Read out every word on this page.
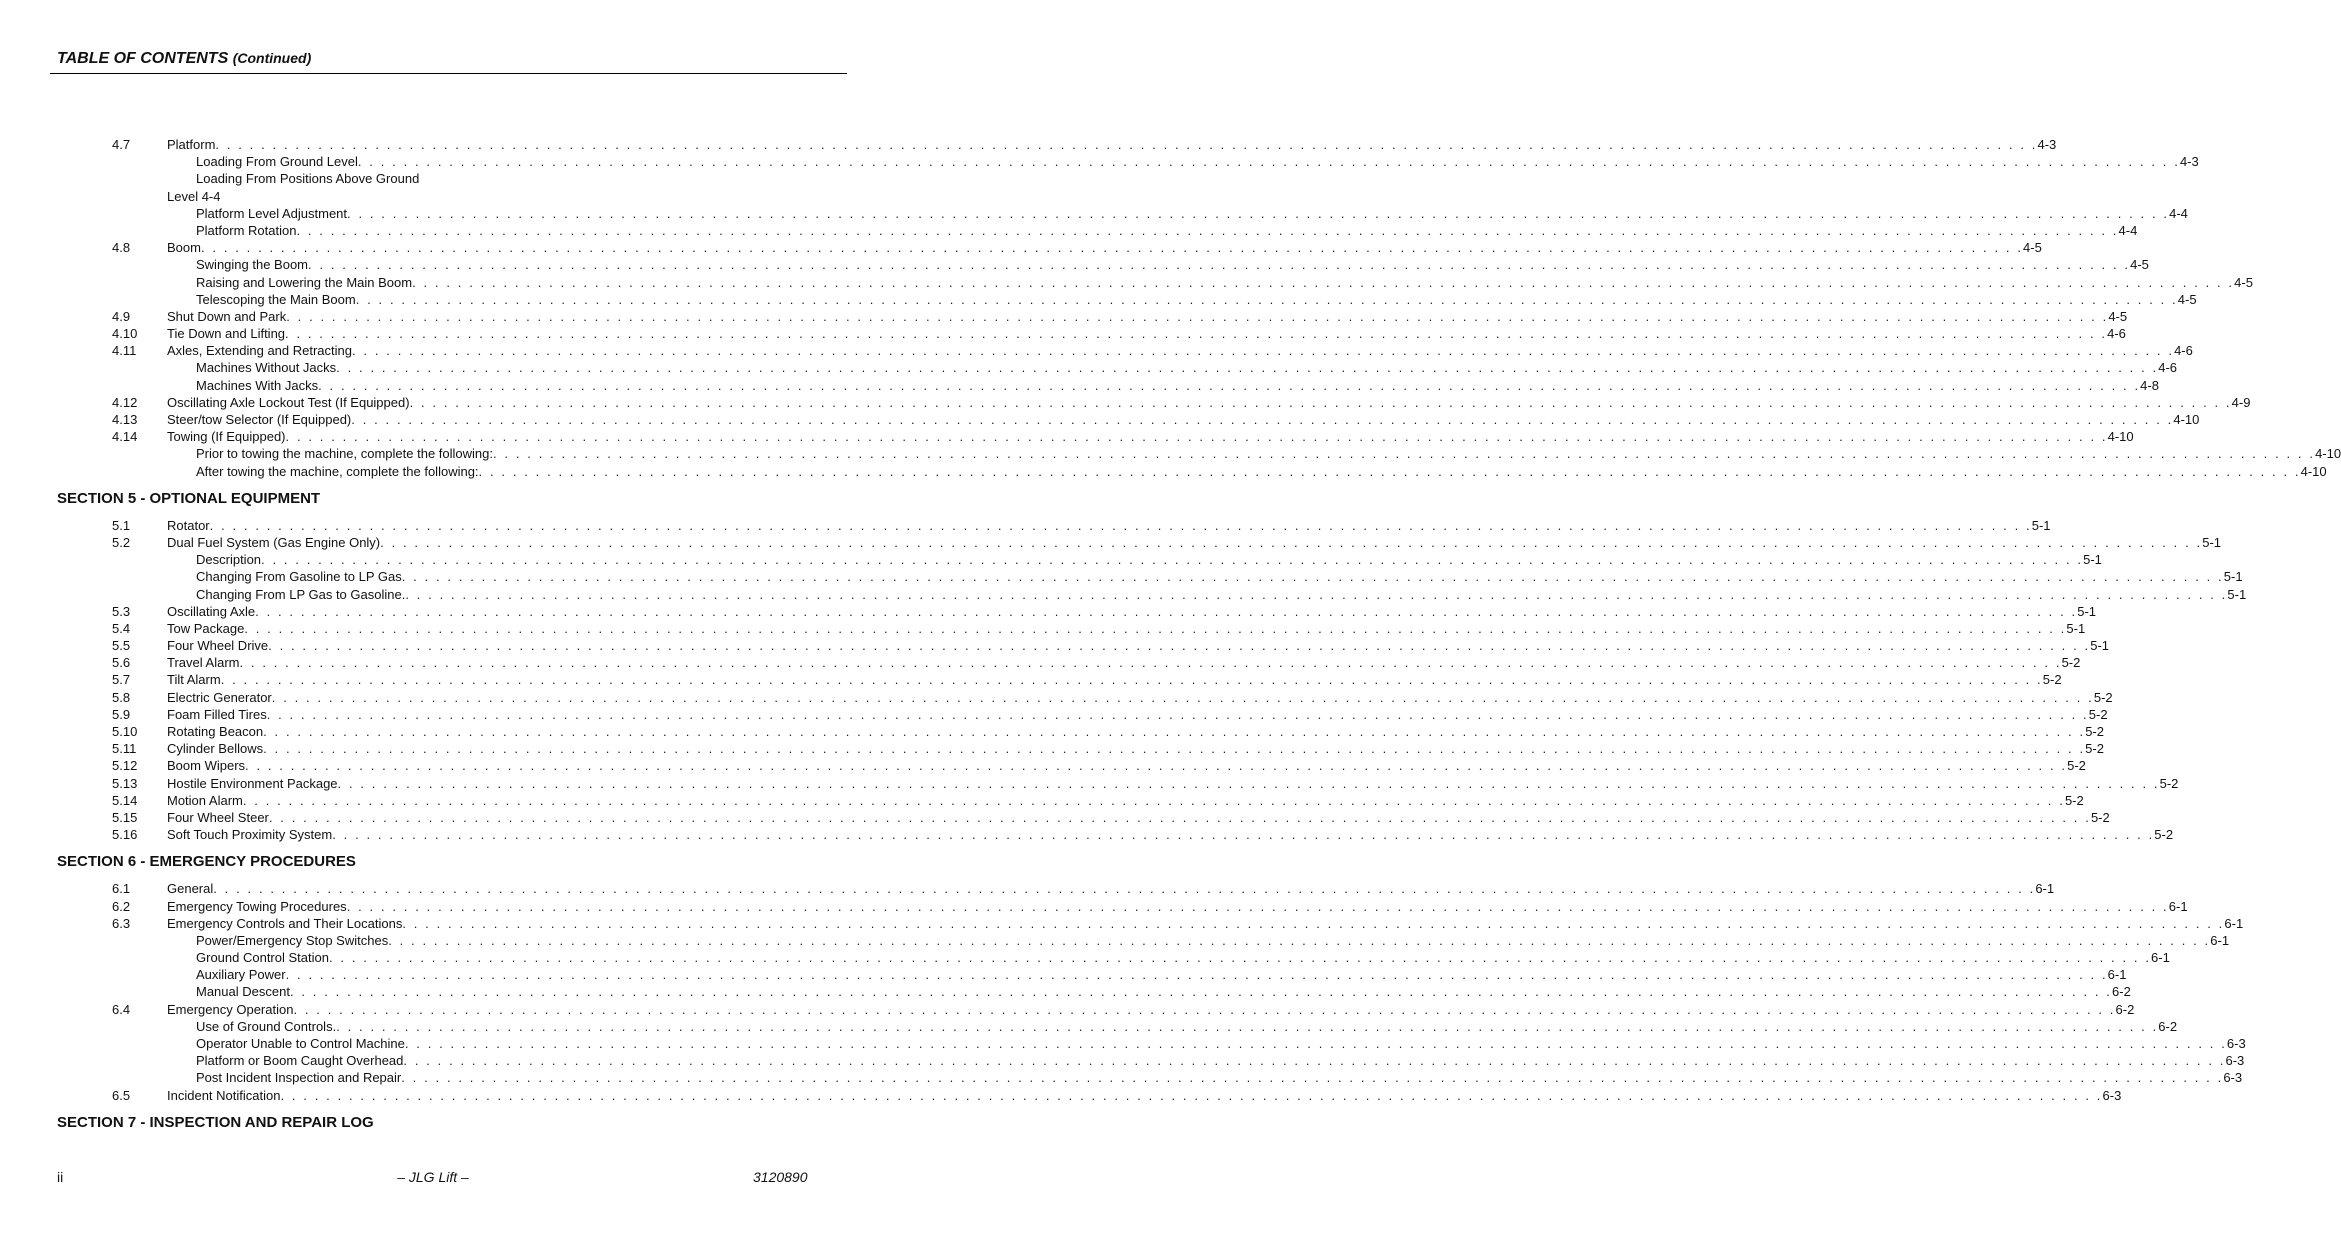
TABLE OF CONTENTS (Continued)
4.7	Platform . . . . . . . . . . . . . . . . . . . . . . . . . . . . . . . . . . . . . . . . . . . . . . . . . . . . . . . . . . . . . . . . . . . . . . . . . . . . . . . . . . . . . . . . . . . . . . . . . . . . . . . . . . . . . . . . . . . . . . . . . . . . . . . . . . . . . . . . . . . . . . . . . . . . . . . . . . . . . . . . 4-3
Loading From Ground Level . . . . . . . . . . . . . . . . . . . . . . . . . . . . . . . . . . . . . . . . . . . . . . . . . . . . . . . . . . . . . . . . . . . . . . . . . . . . . . . . . . . . . . . . . . . . . . . . . . . . . . . . . . . . . . . . . . . . . . . . . . . . . . . . . . . . . . . . . . . . . . . . . . . . . . . . . . . . . . . . 4-3
Loading From Positions Above Ground
Level 4-4
Platform Level Adjustment . . . . . . . . . . . . . . . . . . . . . . . . . . . . . . . . . . . . . . . . . . . . . . . . . . . . . . . . . . . . . . . . . . . . . . . . . . . . . . . . . . . . . . . . . . . . . . . . . . . . . . . . . . . . . . . . . . . . . . . . . . . . . . . . . . . . . . . . . . . . . . . . . . . . . . . . . . . . . . . . 4-4
Platform Rotation . . . . . . . . . . . . . . . . . . . . . . . . . . . . . . . . . . . . . . . . . . . . . . . . . . . . . . . . . . . . . . . . . . . . . . . . . . . . . . . . . . . . . . . . . . . . . . . . . . . . . . . . . . . . . . . . . . . . . . . . . . . . . . . . . . . . . . . . . . . . . . . . . . . . . . . . . . . . . . . . 4-4
4.8	Boom . . . . . . . . . . . . . . . . . . . . . . . . . . . . . . . . . . . . . . . . . . . . . . . . . . . . . . . . . . . . . . . . . . . . . . . . . . . . . . . . . . . . . . . . . . . . . . . . . . . . . . . . . . . . . . . . . . . . . . . . . . . . . . . . . . . . . . . . . . . . . . . . . . . . . . . . . . . . . . . . 4-5
Swinging the Boom . . . . . . . . . . . . . . . . . . . . . . . . . . . . . . . . . . . . . . . . . . . . . . . . . . . . . . . . . . . . . . . . . . . . . . . . . . . . . . . . . . . . . . . . . . . . . . . . . . . . . . . . . . . . . . . . . . . . . . . . . . . . . . . . . . . . . . . . . . . . . . . . . . . . . . . . . . . . . . . . 4-5
Raising and Lowering the Main Boom . . . . . . . . . . . . . . . . . . . . . . . . . . . . . . . . . . . . . . . . . . . . . . . . . . . . . . . . . . . . . . . . . . . . . . . . . . . . . . . . . . . . . . . . . . . . . . . . . . . . . . . . . . . . . . . . . . . . . . . . . . . . . . . . . . . . . . . . . . . . . . . . . . . . . . . . . . . . . . . . 4-5
Telescoping the Main Boom . . . . . . . . . . . . . . . . . . . . . . . . . . . . . . . . . . . . . . . . . . . . . . . . . . . . . . . . . . . . . . . . . . . . . . . . . . . . . . . . . . . . . . . . . . . . . . . . . . . . . . . . . . . . . . . . . . . . . . . . . . . . . . . . . . . . . . . . . . . . . . . . . . . . . . . . . . . . . . . . 4-5
4.9	Shut Down and Park . . . . . . . . . . . . . . . . . . . . . . . . . . . . . . . . . . . . . . . . . . . . . . . . . . . . . . . . . . . . . . . . . . . . . . . . . . . . . . . . . . . . . . . . . . . . . . . . . . . . . . . . . . . . . . . . . . . . . . . . . . . . . . . . . . . . . . . . . . . . . . . . . . . . . . . . . . . . . . . . 4-5
4.10 Tie Down and Lifting . . . . . . . . . . . . . . . . . . . . . . . . . . . . . . . . . . . . . . . . . . . . . . . . . . . . . . . . . . . . . . . . . . . . . . . . . . . . . . . . . . . . . . . . . . . . . . . . . . . . . . . . . . . . . . . . . . . . . . . . . . . . . . . . . . . . . . . . . . . . . . . . . . . . . . . . . . . . . . . . 4-6
4.11 Axles, Extending and Retracting . . . . . . . . . . . . . . . . . . . . . . . . . . . . . . . . . . . . . . . . . . . . . . . . . . . . . . . . . . . . . . . . . . . . . . . . . . . . . . . . . . . . . . . . . . . . . . . . . . . . . . . . . . . . . . . . . . . . . . . . . . . . . . . . . . . . . . . . . . . . . . . . . . . . . . . . . . . . . . . . 4-6
Machines Without Jacks . . . . . . . . . . . . . . . . . . . . . . . . . . . . . . . . . . . . . . . . . . . . . . . . . . . . . . . . . . . . . . . . . . . . . . . . . . . . . . . . . . . . . . . . . . . . . . . . . . . . . . . . . . . . . . . . . . . . . . . . . . . . . . . . . . . . . . . . . . . . . . . . . . . . . . . . . . . . . . . . 4-6
Machines With Jacks . . . . . . . . . . . . . . . . . . . . . . . . . . . . . . . . . . . . . . . . . . . . . . . . . . . . . . . . . . . . . . . . . . . . . . . . . . . . . . . . . . . . . . . . . . . . . . . . . . . . . . . . . . . . . . . . . . . . . . . . . . . . . . . . . . . . . . . . . . . . . . . . . . . . . . . . . . . . . . . . 4-8
4.12 Oscillating Axle Lockout Test (If Equipped) . . . . . . . . . . . . . . . . . . . . . . . . . . . . . . . . . . . . . . . . . . . . . . . . . . . . . . . . . . . . . . . . . . . . . . . . . . . . . . . . . . . . . . . . . . . . . . . . . . . . . . . . . . . . . . . . . . . . . . . . . . . . . . . . . . . . . . . . . . . . . . . . . . . . . . . . . . . . . . . . 4-9
4.13 Steer/tow Selector (If Equipped) . . . . . . . . . . . . . . . . . . . . . . . . . . . . . . . . . . . . . . . . . . . . . . . . . . . . . . . . . . . . . . . . . . . . . . . . . . . . . . . . . . . . . . . . . . . . . . . . . . . . . . . . . . . . . . . . . . . . . . . . . . . . . . . . . . . . . . . . . . . . . . . . . . . . . . . . . . . . . . . . 4-10
4.14 Towing (If Equipped) . . . . . . . . . . . . . . . . . . . . . . . . . . . . . . . . . . . . . . . . . . . . . . . . . . . . . . . . . . . . . . . . . . . . . . . . . . . . . . . . . . . . . . . . . . . . . . . . . . . . . . . . . . . . . . . . . . . . . . . . . . . . . . . . . . . . . . . . . . . . . . . . . . . . . . . . . . . . . . . . 4-10
Prior to towing the machine, complete the following: . . . . . . . . . . . . . . . . . . . . . . . . . . . . . . . . . . . . . . . . . . . . . . . . . . . . . . . . . . . . . . . . . . . . . . . . . . . . . . . . . . . . . . . . . . . . . . . . . . . . . . . . . . . . . . . . . . . . . . . . . . . . . . . . . . . . . . . . . . . . . . . . . . . . . . . . . . . . . . . . 4-10
After towing the machine, complete the following: . . . . . . . . . . . . . . . . . . . . . . . . . . . . . . . . . . . . . . . . . . . . . . . . . . . . . . . . . . . . . . . . . . . . . . . . . . . . . . . . . . . . . . . . . . . . . . . . . . . . . . . . . . . . . . . . . . . . . . . . . . . . . . . . . . . . . . . . . . . . . . . . . . . . . . . . . . . . . . . . 4-10
SECTION 5 - OPTIONAL EQUIPMENT
5.1	Rotator . . . . . . . . . . . . . . . . . . . . . . . . . . . . . . . . . . . . . . . . . . . . . . . . . . . . . . . . . . . . . . . . . . . . . . . . . . . . . . . . . . . . . . . . . . . . . . . . . . . . . . . . . . . . . . . . . . . . . . . . . . . . . . . . . . . . . . . . . . . . . . . . . . . . . . . . . . . . . . . . 5-1
5.2	Dual Fuel System (Gas Engine Only) . . . . . . . . . . . . . . . . . . . . . . . . . . . . . . . . . . . . . . . . . . . . . . . . . . . . . . . . . . . . . . . . . . . . . . . . . . . . . . . . . . . . . . . . . . . . . . . . . . . . . . . . . . . . . . . . . . . . . . . . . . . . . . . . . . . . . . . . . . . . . . . . . . . . . . . . . . . . . . . . 5-1
Description . . . . . . . . . . . . . . . . . . . . . . . . . . . . . . . . . . . . . . . . . . . . . . . . . . . . . . . . . . . . . . . . . . . . . . . . . . . . . . . . . . . . . . . . . . . . . . . . . . . . . . . . . . . . . . . . . . . . . . . . . . . . . . . . . . . . . . . . . . . . . . . . . . . . . . . . . . . . . . . . 5-1
Changing From Gasoline to LP Gas . . . . . . . . . . . . . . . . . . . . . . . . . . . . . . . . . . . . . . . . . . . . . . . . . . . . . . . . . . . . . . . . . . . . . . . . . . . . . . . . . . . . . . . . . . . . . . . . . . . . . . . . . . . . . . . . . . . . . . . . . . . . . . . . . . . . . . . . . . . . . . . . . . . . . . . . . . . . . . . . 5-1
Changing From LP Gas to Gasoline. . . . . . . . . . . . . . . . . . . . . . . . . . . . . . . . . . . . . . . . . . . . . . . . . . . . . . . . . . . . . . . . . . . . . . . . . . . . . . . . . . . . . . . . . . . . . . . . . . . . . . . . . . . . . . . . . . . . . . . . . . . . . . . . . . . . . . . . . . . . . . . . . . . . . . . . . . . . . . . . . 5-1
5.3	Oscillating Axle . . . . . . . . . . . . . . . . . . . . . . . . . . . . . . . . . . . . . . . . . . . . . . . . . . . . . . . . . . . . . . . . . . . . . . . . . . . . . . . . . . . . . . . . . . . . . . . . . . . . . . . . . . . . . . . . . . . . . . . . . . . . . . . . . . . . . . . . . . . . . . . . . . . . . . . . . . . . . . . . 5-1
5.4	Tow Package . . . . . . . . . . . . . . . . . . . . . . . . . . . . . . . . . . . . . . . . . . . . . . . . . . . . . . . . . . . . . . . . . . . . . . . . . . . . . . . . . . . . . . . . . . . . . . . . . . . . . . . . . . . . . . . . . . . . . . . . . . . . . . . . . . . . . . . . . . . . . . . . . . . . . . . . . . . . . . . . 5-1
5.5	Four Wheel Drive . . . . . . . . . . . . . . . . . . . . . . . . . . . . . . . . . . . . . . . . . . . . . . . . . . . . . . . . . . . . . . . . . . . . . . . . . . . . . . . . . . . . . . . . . . . . . . . . . . . . . . . . . . . . . . . . . . . . . . . . . . . . . . . . . . . . . . . . . . . . . . . . . . . . . . . . . . . . . . . . 5-1
5.6	Travel Alarm . . . . . . . . . . . . . . . . . . . . . . . . . . . . . . . . . . . . . . . . . . . . . . . . . . . . . . . . . . . . . . . . . . . . . . . . . . . . . . . . . . . . . . . . . . . . . . . . . . . . . . . . . . . . . . . . . . . . . . . . . . . . . . . . . . . . . . . . . . . . . . . . . . . . . . . . . . . . . . . . 5-2
5.7	Tilt Alarm . . . . . . . . . . . . . . . . . . . . . . . . . . . . . . . . . . . . . . . . . . . . . . . . . . . . . . . . . . . . . . . . . . . . . . . . . . . . . . . . . . . . . . . . . . . . . . . . . . . . . . . . . . . . . . . . . . . . . . . . . . . . . . . . . . . . . . . . . . . . . . . . . . . . . . . . . . . . . . . . 5-2
5.8	Electric Generator . . . . . . . . . . . . . . . . . . . . . . . . . . . . . . . . . . . . . . . . . . . . . . . . . . . . . . . . . . . . . . . . . . . . . . . . . . . . . . . . . . . . . . . . . . . . . . . . . . . . . . . . . . . . . . . . . . . . . . . . . . . . . . . . . . . . . . . . . . . . . . . . . . . . . . . . . . . . . . . . 5-2
5.9	Foam Filled Tires . . . . . . . . . . . . . . . . . . . . . . . . . . . . . . . . . . . . . . . . . . . . . . . . . . . . . . . . . . . . . . . . . . . . . . . . . . . . . . . . . . . . . . . . . . . . . . . . . . . . . . . . . . . . . . . . . . . . . . . . . . . . . . . . . . . . . . . . . . . . . . . . . . . . . . . . . . . . . . . . 5-2
5.10 Rotating Beacon . . . . . . . . . . . . . . . . . . . . . . . . . . . . . . . . . . . . . . . . . . . . . . . . . . . . . . . . . . . . . . . . . . . . . . . . . . . . . . . . . . . . . . . . . . . . . . . . . . . . . . . . . . . . . . . . . . . . . . . . . . . . . . . . . . . . . . . . . . . . . . . . . . . . . . . . . . . . . . . . 5-2
5.11 Cylinder Bellows . . . . . . . . . . . . . . . . . . . . . . . . . . . . . . . . . . . . . . . . . . . . . . . . . . . . . . . . . . . . . . . . . . . . . . . . . . . . . . . . . . . . . . . . . . . . . . . . . . . . . . . . . . . . . . . . . . . . . . . . . . . . . . . . . . . . . . . . . . . . . . . . . . . . . . . . . . . . . . . . 5-2
5.12 Boom Wipers . . . . . . . . . . . . . . . . . . . . . . . . . . . . . . . . . . . . . . . . . . . . . . . . . . . . . . . . . . . . . . . . . . . . . . . . . . . . . . . . . . . . . . . . . . . . . . . . . . . . . . . . . . . . . . . . . . . . . . . . . . . . . . . . . . . . . . . . . . . . . . . . . . . . . . . . . . . . . . . . 5-2
5.13 Hostile Environment Package . . . . . . . . . . . . . . . . . . . . . . . . . . . . . . . . . . . . . . . . . . . . . . . . . . . . . . . . . . . . . . . . . . . . . . . . . . . . . . . . . . . . . . . . . . . . . . . . . . . . . . . . . . . . . . . . . . . . . . . . . . . . . . . . . . . . . . . . . . . . . . . . . . . . . . . . . . . . . . . . 5-2
5.14 Motion Alarm . . . . . . . . . . . . . . . . . . . . . . . . . . . . . . . . . . . . . . . . . . . . . . . . . . . . . . . . . . . . . . . . . . . . . . . . . . . . . . . . . . . . . . . . . . . . . . . . . . . . . . . . . . . . . . . . . . . . . . . . . . . . . . . . . . . . . . . . . . . . . . . . . . . . . . . . . . . . . . . . 5-2
5.15 Four Wheel Steer . . . . . . . . . . . . . . . . . . . . . . . . . . . . . . . . . . . . . . . . . . . . . . . . . . . . . . . . . . . . . . . . . . . . . . . . . . . . . . . . . . . . . . . . . . . . . . . . . . . . . . . . . . . . . . . . . . . . . . . . . . . . . . . . . . . . . . . . . . . . . . . . . . . . . . . . . . . . . . . . 5-2
5.16 Soft Touch Proximity System . . . . . . . . . . . . . . . . . . . . . . . . . . . . . . . . . . . . . . . . . . . . . . . . . . . . . . . . . . . . . . . . . . . . . . . . . . . . . . . . . . . . . . . . . . . . . . . . . . . . . . . . . . . . . . . . . . . . . . . . . . . . . . . . . . . . . . . . . . . . . . . . . . . . . . . . . . . . . . . . 5-2
SECTION 6 - EMERGENCY PROCEDURES
6.1	General . . . . . . . . . . . . . . . . . . . . . . . . . . . . . . . . . . . . . . . . . . . . . . . . . . . . . . . . . . . . . . . . . . . . . . . . . . . . . . . . . . . . . . . . . . . . . . . . . . . . . . . . . . . . . . . . . . . . . . . . . . . . . . . . . . . . . . . . . . . . . . . . . . . . . . . . . . . . . . . . 6-1
6.2	Emergency Towing Procedures . . . . . . . . . . . . . . . . . . . . . . . . . . . . . . . . . . . . . . . . . . . . . . . . . . . . . . . . . . . . . . . . . . . . . . . . . . . . . . . . . . . . . . . . . . . . . . . . . . . . . . . . . . . . . . . . . . . . . . . . . . . . . . . . . . . . . . . . . . . . . . . . . . . . . . . . . . . . . . . . 6-1
6.3	Emergency Controls and Their Locations . . . . . . . . . . . . . . . . . . . . . . . . . . . . . . . . . . . . . . . . . . . . . . . . . . . . . . . . . . . . . . . . . . . . . . . . . . . . . . . . . . . . . . . . . . . . . . . . . . . . . . . . . . . . . . . . . . . . . . . . . . . . . . . . . . . . . . . . . . . . . . . . . . . . . . . . . . . . . . . . 6-1
Power/Emergency Stop Switches . . . . . . . . . . . . . . . . . . . . . . . . . . . . . . . . . . . . . . . . . . . . . . . . . . . . . . . . . . . . . . . . . . . . . . . . . . . . . . . . . . . . . . . . . . . . . . . . . . . . . . . . . . . . . . . . . . . . . . . . . . . . . . . . . . . . . . . . . . . . . . . . . . . . . . . . . . . . . . . . 6-1
Ground Control Station . . . . . . . . . . . . . . . . . . . . . . . . . . . . . . . . . . . . . . . . . . . . . . . . . . . . . . . . . . . . . . . . . . . . . . . . . . . . . . . . . . . . . . . . . . . . . . . . . . . . . . . . . . . . . . . . . . . . . . . . . . . . . . . . . . . . . . . . . . . . . . . . . . . . . . . . . . . . . . . . 6-1
Auxiliary Power . . . . . . . . . . . . . . . . . . . . . . . . . . . . . . . . . . . . . . . . . . . . . . . . . . . . . . . . . . . . . . . . . . . . . . . . . . . . . . . . . . . . . . . . . . . . . . . . . . . . . . . . . . . . . . . . . . . . . . . . . . . . . . . . . . . . . . . . . . . . . . . . . . . . . . . . . . . . . . . . 6-1
Manual Descent . . . . . . . . . . . . . . . . . . . . . . . . . . . . . . . . . . . . . . . . . . . . . . . . . . . . . . . . . . . . . . . . . . . . . . . . . . . . . . . . . . . . . . . . . . . . . . . . . . . . . . . . . . . . . . . . . . . . . . . . . . . . . . . . . . . . . . . . . . . . . . . . . . . . . . . . . . . . . . . . 6-2
6.4	Emergency Operation . . . . . . . . . . . . . . . . . . . . . . . . . . . . . . . . . . . . . . . . . . . . . . . . . . . . . . . . . . . . . . . . . . . . . . . . . . . . . . . . . . . . . . . . . . . . . . . . . . . . . . . . . . . . . . . . . . . . . . . . . . . . . . . . . . . . . . . . . . . . . . . . . . . . . . . . . . . . . . . . 6-2
Use of Ground Controls. . . . . . . . . . . . . . . . . . . . . . . . . . . . . . . . . . . . . . . . . . . . . . . . . . . . . . . . . . . . . . . . . . . . . . . . . . . . . . . . . . . . . . . . . . . . . . . . . . . . . . . . . . . . . . . . . . . . . . . . . . . . . . . . . . . . . . . . . . . . . . . . . . . . . . . . . . . . . . . . . 6-2
Operator Unable to Control Machine . . . . . . . . . . . . . . . . . . . . . . . . . . . . . . . . . . . . . . . . . . . . . . . . . . . . . . . . . . . . . . . . . . . . . . . . . . . . . . . . . . . . . . . . . . . . . . . . . . . . . . . . . . . . . . . . . . . . . . . . . . . . . . . . . . . . . . . . . . . . . . . . . . . . . . . . . . . . . . . . 6-3
Platform or Boom Caught Overhead . . . . . . . . . . . . . . . . . . . . . . . . . . . . . . . . . . . . . . . . . . . . . . . . . . . . . . . . . . . . . . . . . . . . . . . . . . . . . . . . . . . . . . . . . . . . . . . . . . . . . . . . . . . . . . . . . . . . . . . . . . . . . . . . . . . . . . . . . . . . . . . . . . . . . . . . . . . . . . . . 6-3
Post Incident Inspection and Repair . . . . . . . . . . . . . . . . . . . . . . . . . . . . . . . . . . . . . . . . . . . . . . . . . . . . . . . . . . . . . . . . . . . . . . . . . . . . . . . . . . . . . . . . . . . . . . . . . . . . . . . . . . . . . . . . . . . . . . . . . . . . . . . . . . . . . . . . . . . . . . . . . . . . . . . . . . . . . . . . 6-3
6.5	Incident Notification . . . . . . . . . . . . . . . . . . . . . . . . . . . . . . . . . . . . . . . . . . . . . . . . . . . . . . . . . . . . . . . . . . . . . . . . . . . . . . . . . . . . . . . . . . . . . . . . . . . . . . . . . . . . . . . . . . . . . . . . . . . . . . . . . . . . . . . . . . . . . . . . . . . . . . . . . . . . . . . . 6-3
SECTION 7 - INSPECTION AND REPAIR LOG
ii	– JLG Lift –	3120890
